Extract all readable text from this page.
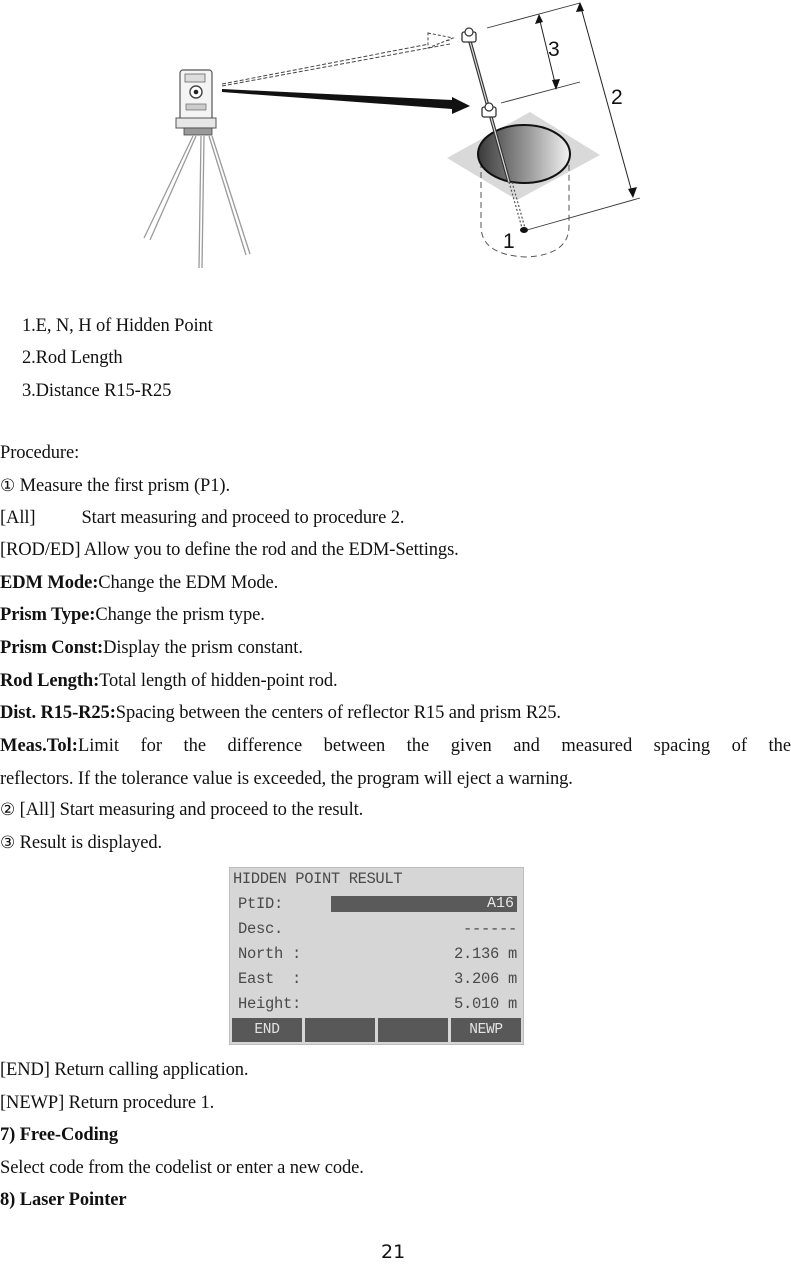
3
2
1
1.E, N, H of Hidden Point
2.Rod Length
3.Distance R15-R25
Procedure:
① Measure the first prism (P1).
[All] Start measuring and proceed to procedure 2.
[ROD/ED] Allow you to define the rod and the EDM-Settings.
EDM Mode:Change the EDM Mode.
Prism Type:Change the prism type.
Prism Const:Display the prism constant.
Rod Length:Total length of hidden-point rod.
Dist. R15-R25:Spacing between the centers of reflector R15 and prism R25.
Meas.Tol:Limit for the difference between the given and measured spacing of the
reflectors. If the tolerance value is exceeded, the program will eject a warning.
② [All] Start measuring and proceed to the result.
③ Result is displayed.
HIDDEN POINT RESULT
PtID:	A16
Desc.	------
North :	2.136 m
East  :	3.206 m
Height:	5.010 m
END	NEWP
[END] Return calling application.
[NEWP] Return procedure 1.
7) Free-Coding
Select code from the codelist or enter a new code.
8) Laser Pointer
21
